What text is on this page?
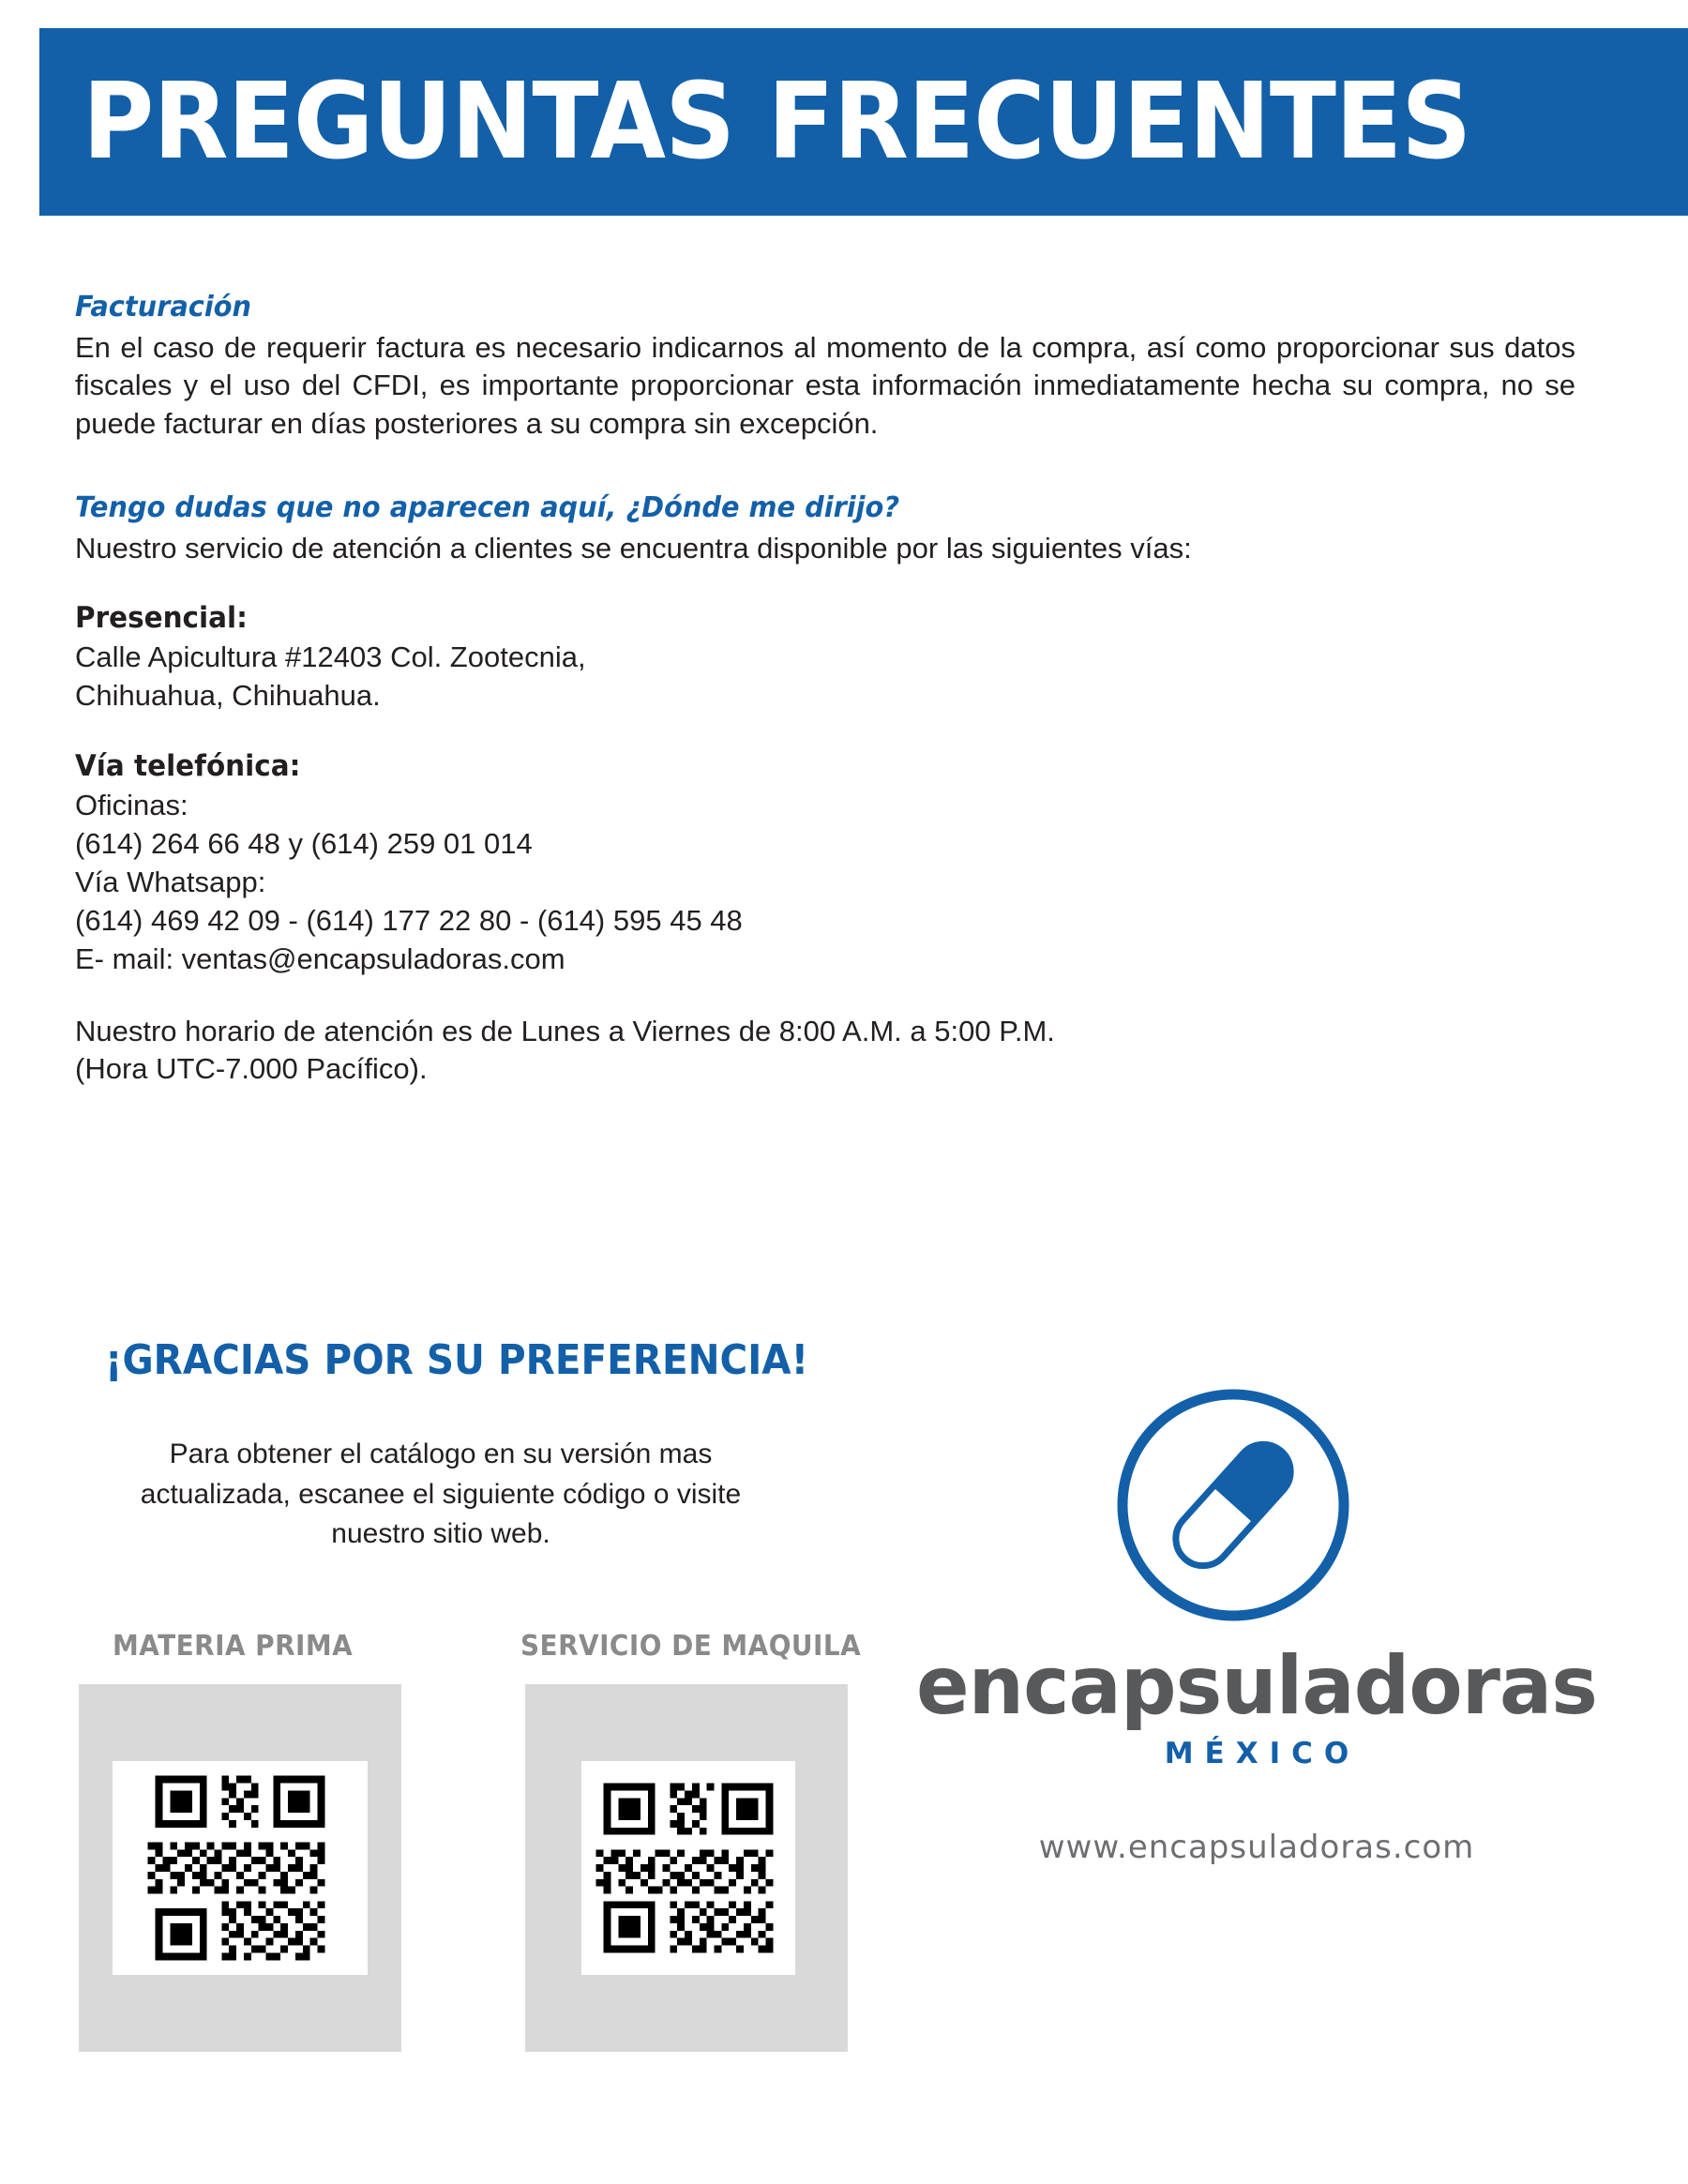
PREGUNTAS FRECUENTES

Facturación

En el caso de requerir factura es necesario indicarnos al momento de la compra, así como proporcionar sus datos fiscales y el uso del CFDI, es importante proporcionar esta información inmediatamente hecha su compra, no se puede facturar en días posteriores a su compra sin excepción.

Tengo dudas que no aparecen aquí, ¿Dónde me dirijo?

Nuestro servicio de atención a clientes se encuentra disponible por las siguientes vías:

Presencial:

Calle Apicultura #12403 Col. Zootecnia,

Chihuahua, Chihuahua.

Vía telefónica:

Oficinas:

(614) 264 66 48 y (614) 259 01 014

Vía Whatsapp:

(614) 469 42 09 - (614) 177 22 80 - (614) 595 45 48

E- mail: ventas@encapsuladoras.com

Nuestro horario de atención es de Lunes a Viernes de 8:00 A.M. a 5:00 P.M.

(Hora UTC-7.000 Pacífico).

¡GRACIAS POR SU PREFERENCIA!
Para obtener el catálogo en su versión mas actualizada, escanee el siguiente código o visite nuestro sitio web.
MATERIA PRIMA	SERVICIO DE MAQUILA encapsuladoras
MÉXICO
www.encapsuladoras.com
